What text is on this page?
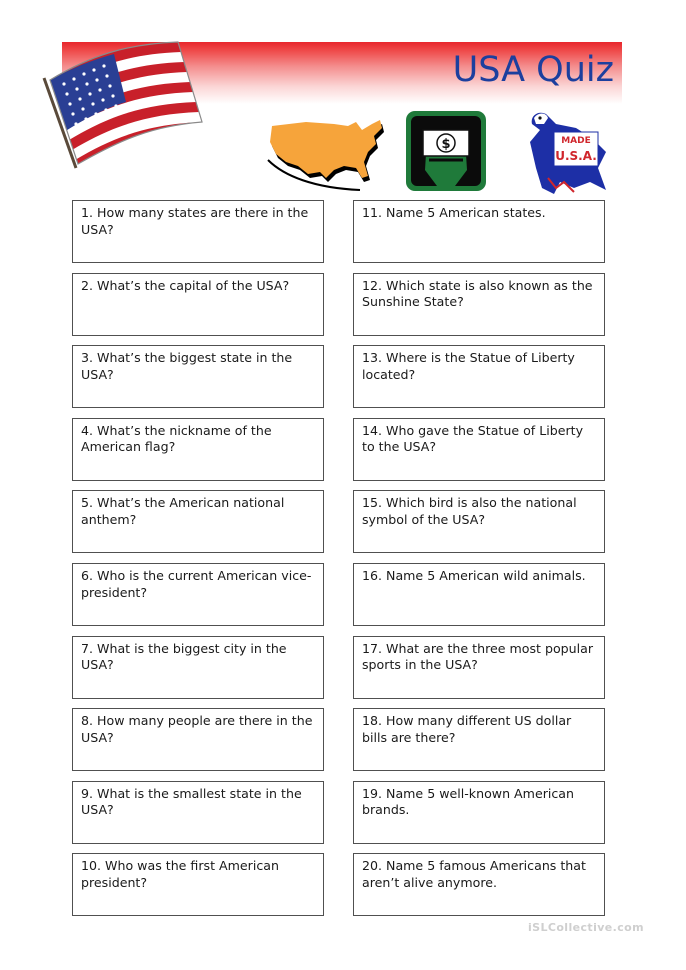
USA Quiz
$	MADE
U.S.A.
1. How many states are there in the USA?
2. What’s the capital of the USA?
3. What’s the biggest state in the USA?
4. What’s the nickname of the American flag?
5. What’s the American national anthem?
6. Who is the current American vice-president?
7. What is the biggest city in the USA?
8. How many people are there in the USA?
9. What is the smallest state in the USA?
10. Who was the first American president?
11. Name 5 American states.
12. Which state is also known as the Sunshine State?
13. Where is the Statue of Liberty located?
14. Who gave the Statue of Liberty to the USA?
15. Which bird is also the national symbol of the USA?
16. Name 5 American wild animals.
17. What are the three most popular sports in the USA?
18. How many different US dollar bills are there?
19. Name 5 well-known American brands.
20. Name 5 famous Americans that aren’t alive anymore.
iSLCollective.com
